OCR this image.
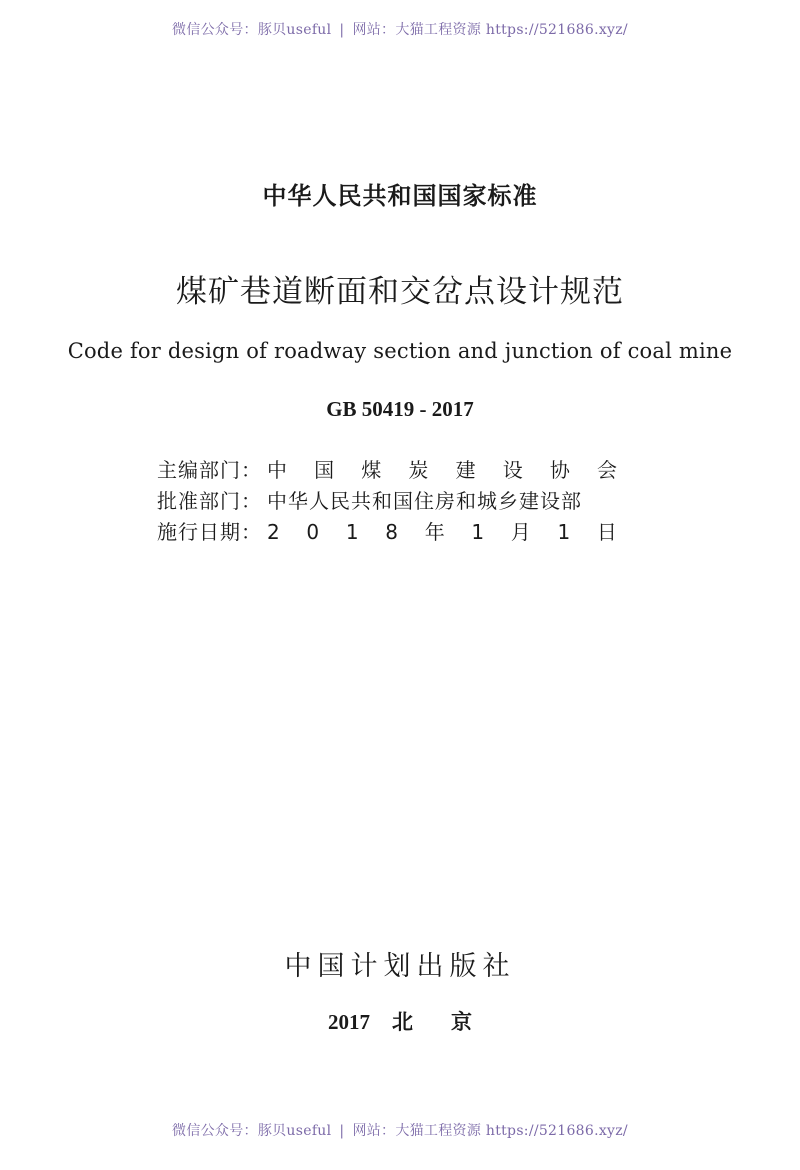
微信公众号：豚贝useful | 网站：大猫工程资源 https://521686.xyz/
中华人民共和国国家标准
煤矿巷道断面和交岔点设计规范
Code for design of roadway section and junction of coal mine
GB 50419 - 2017
主编部门： 中 国 煤 炭 建 设 协 会
批准部门： 中华人民共和国住房和城乡建设部
施行日期： 2 0 1 8 年 1 月 1 日
中国计划出版社
2017 北京
微信公众号：豚贝useful | 网站：大猫工程资源 https://521686.xyz/
